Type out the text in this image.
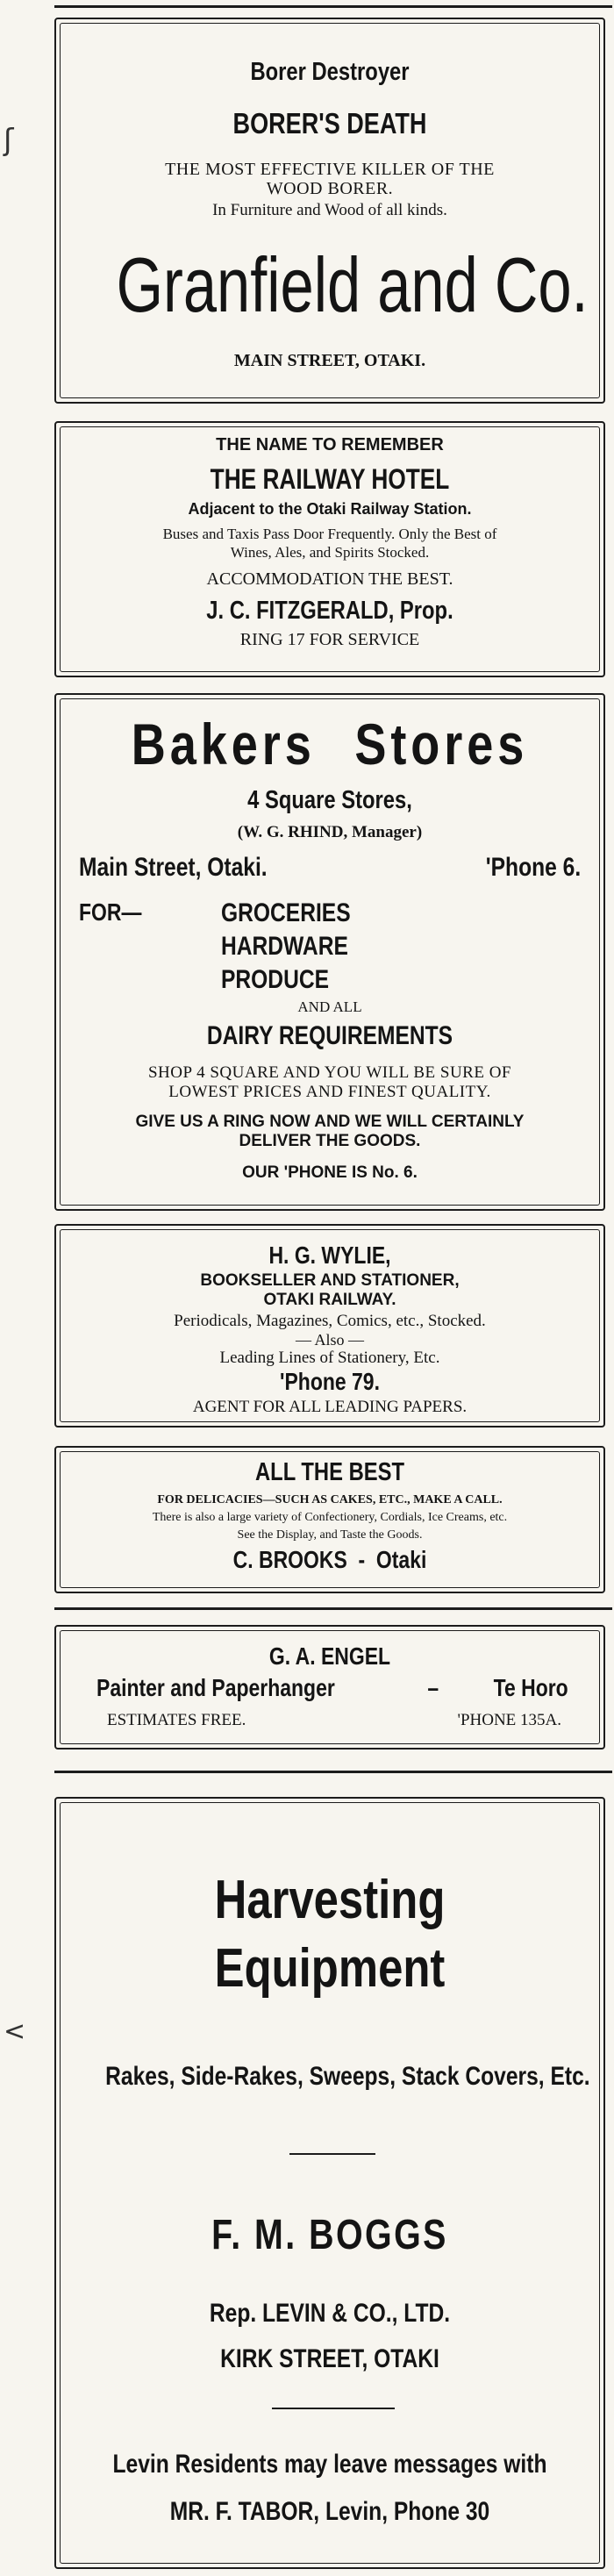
ʃ
<
Borer Destroyer
BORER'S DEATH
THE MOST EFFECTIVE KILLER OF THE
WOOD BORER.
In Furniture and Wood of all kinds.
Granfield and Co.
MAIN STREET, OTAKI.
THE NAME TO REMEMBER
THE RAILWAY HOTEL
Adjacent to the Otaki Railway Station.
Buses and Taxis Pass Door Frequently. Only the Best of
Wines, Ales, and Spirits Stocked.
ACCOMMODATION THE BEST.
J. C. FITZGERALD, Prop.
RING 17 FOR SERVICE
Bakers Stores
4 Square Stores,
(W. G. RHIND, Manager)
Main Street, Otaki.	'Phone 6.
FOR—	GROCERIES
HARDWARE
PRODUCE
AND ALL
DAIRY REQUIREMENTS
SHOP 4 SQUARE AND YOU WILL BE SURE OF
LOWEST PRICES AND FINEST QUALITY.
GIVE US A RING NOW AND WE WILL CERTAINLY
DELIVER THE GOODS.
OUR 'PHONE IS No. 6.
H. G. WYLIE,
BOOKSELLER AND STATIONER,
OTAKI RAILWAY.
Periodicals, Magazines, Comics, etc., Stocked.
— Also —
Leading Lines of Stationery, Etc.
'Phone 79.
AGENT FOR ALL LEADING PAPERS.
ALL THE BEST
FOR DELICACIES—SUCH AS CAKES, ETC., MAKE A CALL.
There is also a large variety of Confectionery, Cordials, Ice Creams, etc.
See the Display, and Taste the Goods.
C. BROOKS  -  Otaki
G. A. ENGEL
Painter and Paperhanger	– Te Horo
ESTIMATES FREE.	'PHONE 135A.
Harvesting
Equipment
Rakes, Side-Rakes, Sweeps, Stack Covers, Etc.
F. M. BOGGS
Rep. LEVIN & CO., LTD.
KIRK STREET, OTAKI
Levin Residents may leave messages with
MR. F. TABOR, Levin, Phone 30
